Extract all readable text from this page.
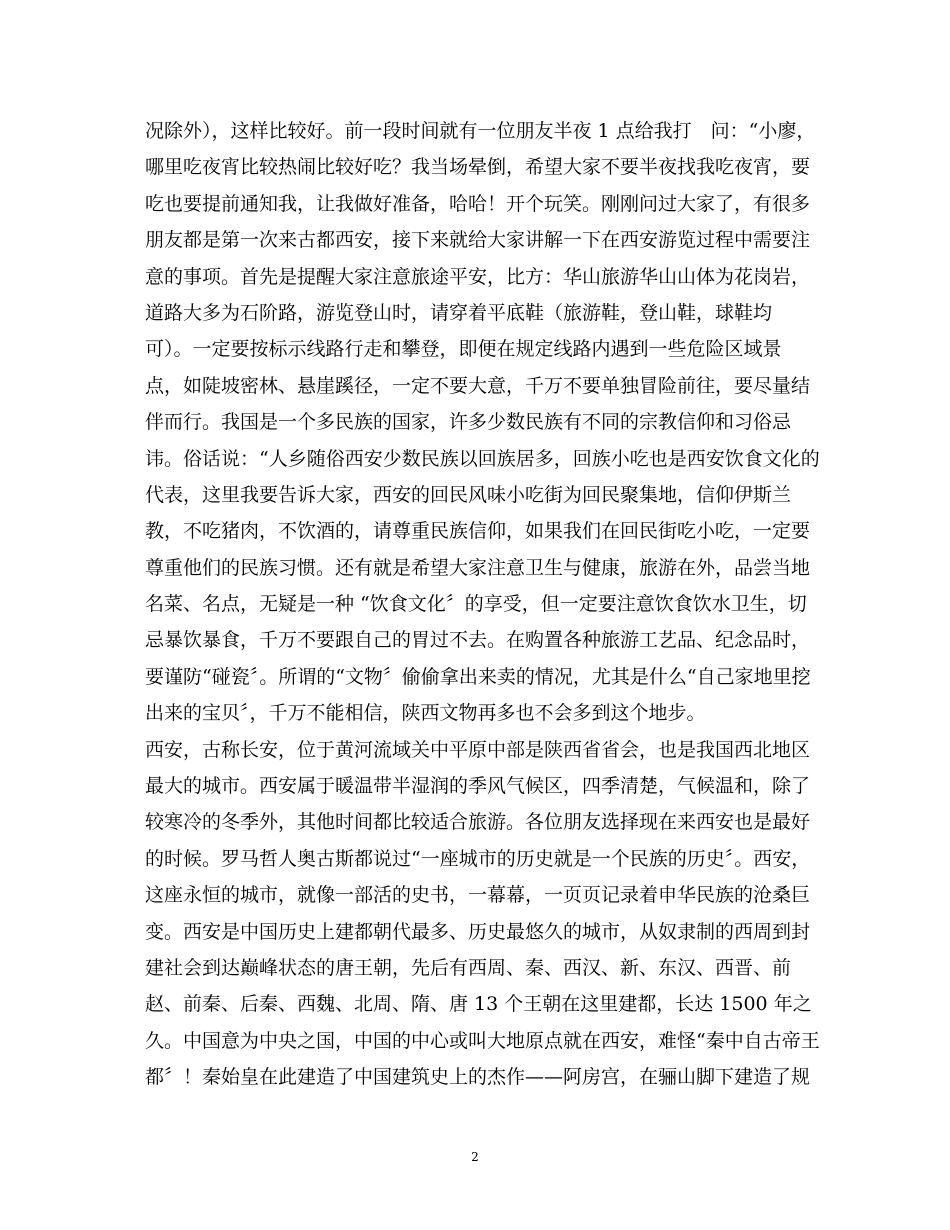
况除外），这样比较好。前一段时间就有一位朋友半夜 1 点给我打　问：“小廖，
哪里吃夜宵比较热闹比较好吃？我当场晕倒，希望大家不要半夜找我吃夜宵，要
吃也要提前通知我，让我做好准备，哈哈！开个玩笑。刚刚问过大家了，有很多
朋友都是第一次来古都西安，接下来就给大家讲解一下在西安游览过程中需要注
意的事项。首先是提醒大家注意旅途平安，比方：华山旅游华山山体为花岗岩，
道路大多为石阶路，游览登山时，请穿着平底鞋（旅游鞋，登山鞋，球鞋均
可）。一定要按标示线路行走和攀登，即便在规定线路内遇到一些危险区域景
点，如陡坡密林、悬崖蹊径，一定不要大意，千万不要单独冒险前往，要尽量结
伴而行。我国是一个多民族的国家，许多少数民族有不同的宗教信仰和习俗忌
讳。俗话说：“人乡随俗西安少数民族以回族居多，回族小吃也是西安饮食文化的
代表，这里我要告诉大家，西安的回民风味小吃街为回民聚集地，信仰伊斯兰
教，不吃猪肉，不饮酒的，请尊重民族信仰，如果我们在回民街吃小吃，一定要
尊重他们的民族习惯。还有就是希望大家注意卫生与健康，旅游在外，品尝当地
名菜、名点，无疑是一种 “饮食文化〞的享受，但一定要注意饮食饮水卫生，切
忌暴饮暴食，千万不要跟自己的胃过不去。在购置各种旅游工艺品、纪念品时，
要谨防“碰瓷〞。所谓的“文物〞偷偷拿出来卖的情况，尤其是什么“自己家地里挖
出来的宝贝〞，千万不能相信，陕西文物再多也不会多到这个地步。
西安，古称长安，位于黄河流域关中平原中部是陕西省省会，也是我国西北地区
最大的城市。西安属于暖温带半湿润的季风气候区，四季清楚，气候温和，除了
较寒冷的冬季外，其他时间都比较适合旅游。各位朋友选择现在来西安也是最好
的时候。罗马哲人奥古斯都说过“一座城市的历史就是一个民族的历史〞。西安，
这座永恒的城市，就像一部活的史书，一幕幕，一页页记录着申华民族的沧桑巨
变。西安是中国历史上建都朝代最多、历史最悠久的城市，从奴隶制的西周到封
建社会到达巅峰状态的唐王朝，先后有西周、秦、西汉、新、东汉、西晋、前
赵、前秦、后秦、西魏、北周、隋、唐 13 个王朝在这里建都，长达 1500 年之
久。中国意为中央之国，中国的中心或叫大地原点就在西安，难怪“秦中自古帝王
都〞！秦始皇在此建造了中国建筑史上的杰作——阿房宫，在骊山脚下建造了规
2
